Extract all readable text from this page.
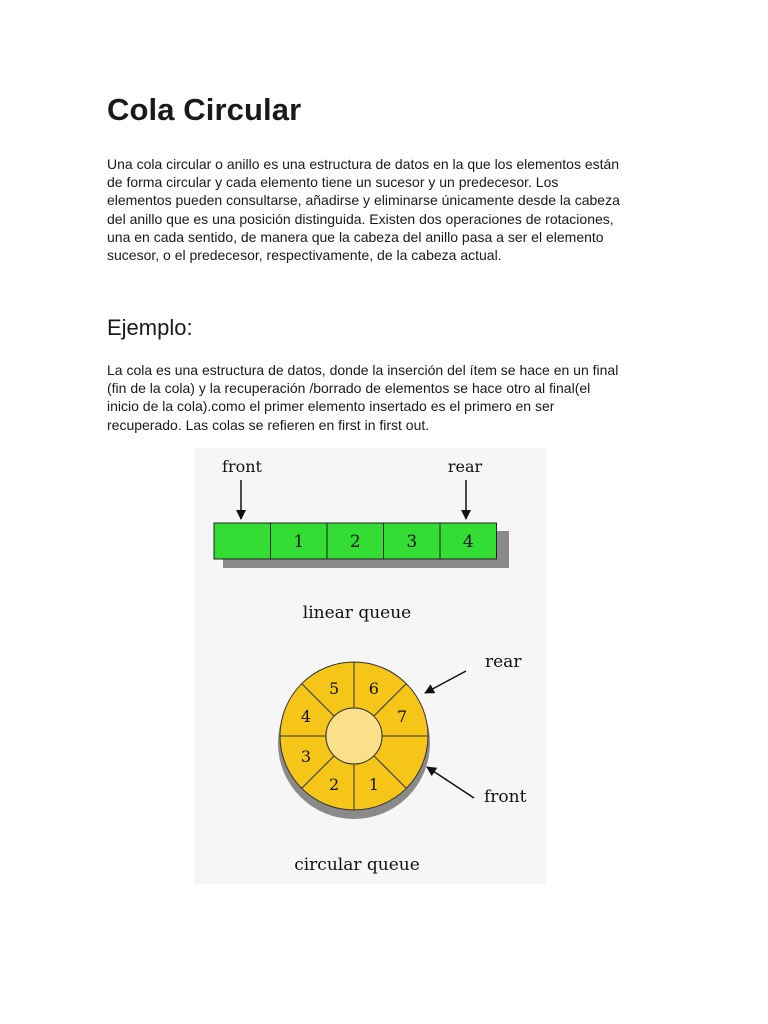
Cola Circular
Una cola circular o anillo es una estructura de datos en la que los elementos están
de forma circular y cada elemento tiene un sucesor y un predecesor. Los
elementos pueden consultarse, añadirse y eliminarse únicamente desde la cabeza
del anillo que es una posición distinguida. Existen dos operaciones de rotaciones,
una en cada sentido, de manera que la cabeza del anillo pasa a ser el elemento
sucesor, o el predecesor, respectivamente, de la cabeza actual.
Ejemplo:
La cola es una estructura de datos, donde la inserción del ítem se hace en un final
(fin de la cola) y la recuperación /borrado de elementos se hace otro al final(el
inicio de la cola).como el primer elemento insertado es el primero en ser
recuperado. Las colas se refieren en first in first out.
front	rear
1	2	3	4
linear queue
5 6
7
1
2
3
4
rear
front
circular queue
